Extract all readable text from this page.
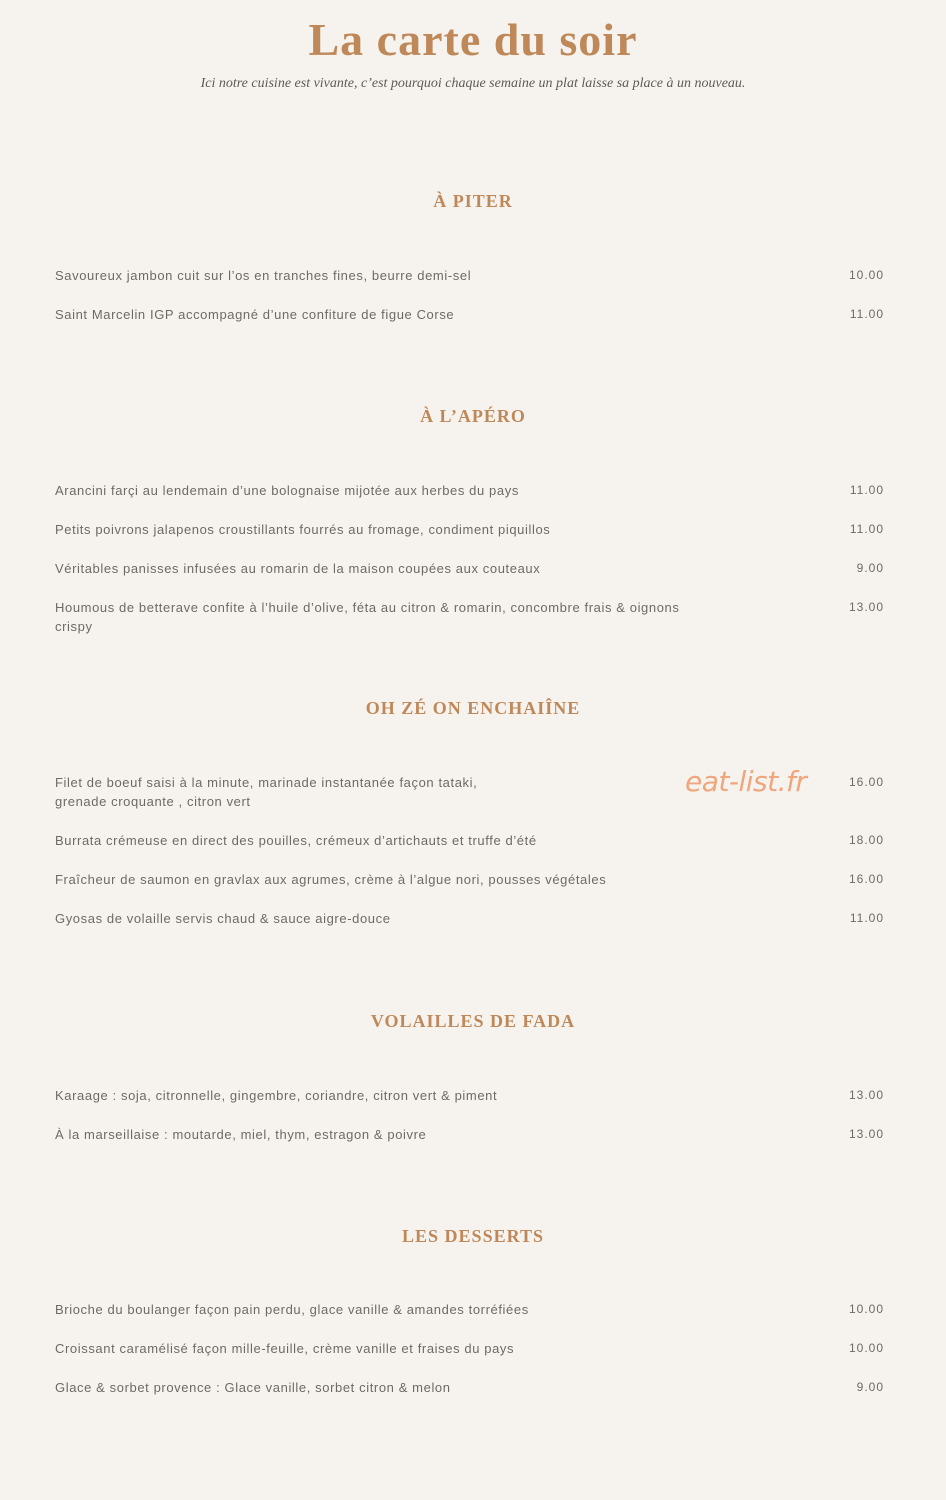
La carte du soir

Ici notre cuisine est vivante, c’est pourquoi chaque semaine un plat laisse sa place à un nouveau.

À PITER
Savoureux jambon cuit sur l’os en tranches fines, beurre demi-sel	10.00
Saint Marcelin IGP accompagné d’une confiture de figue Corse	11.00
À L’APÉRO
Arancini farçi au lendemain d’une bolognaise mijotée aux herbes du pays	11.00
Petits poivrons jalapenos croustillants fourrés au fromage, condiment piquillos	11.00
Véritables panisses infusées au romarin de la maison coupées aux couteaux	9.00
Houmous de betterave confite à l’huile d’olive, féta au citron & romarin, concombre frais & oignons crispy
13.00
OH ZÉ ON ENCHAIÎNE
Filet de boeuf saisi à la minute, marinade instantanée façon tataki, grenade croquante , citron vert
16.00
Burrata crémeuse en direct des pouilles, crémeux d’artichauts et truffe d’été	18.00
Fraîcheur de saumon en gravlax aux agrumes, crème à l’algue nori, pousses végétales	16.00
Gyosas de volaille servis chaud & sauce aigre-douce	11.00
eat-list.fr
VOLAILLES DE FADA
Karaage : soja, citronnelle, gingembre, coriandre, citron vert & piment	13.00
À la marseillaise : moutarde, miel, thym, estragon & poivre	13.00
LES DESSERTS
Brioche du boulanger façon pain perdu, glace vanille & amandes torréfiées	10.00
Croissant caramélisé façon mille-feuille, crème vanille et fraises du pays	10.00
Glace & sorbet provence : Glace vanille, sorbet citron & melon	9.00
